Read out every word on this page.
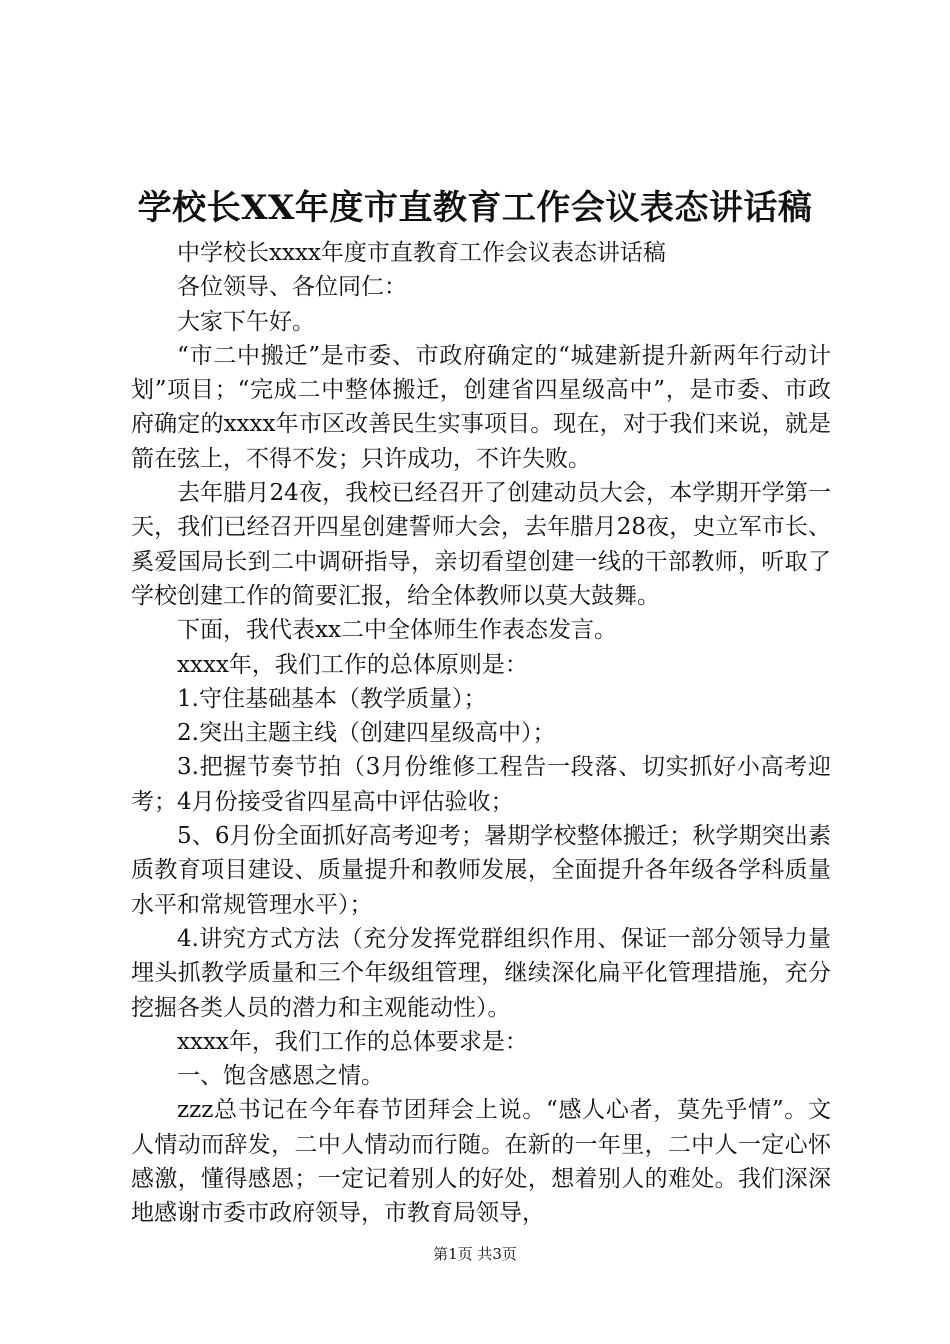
学校长XX年度市直教育工作会议表态讲话稿

中学校长xxxx年度市直教育工作会议表态讲话稿

各位领导、各位同仁：

大家下午好。

“市二中搬迁”是市委、市政府确定的“城建新提升新两年行动计划”项目；“完成二中整体搬迁，创建省四星级高中”，是市委、市政府确定的xxxx年市区改善民生实事项目。现在，对于我们来说，就是箭在弦上，不得不发；只许成功，不许失败。

去年腊月24夜，我校已经召开了创建动员大会，本学期开学第一天，我们已经召开四星创建誓师大会，去年腊月28夜，史立军市长、奚爱国局长到二中调研指导，亲切看望创建一线的干部教师，听取了学校创建工作的简要汇报，给全体教师以莫大鼓舞。

下面，我代表xx二中全体师生作表态发言。

xxxx年，我们工作的总体原则是：

1.守住基础基本（教学质量）；

2.突出主题主线（创建四星级高中）；

3.把握节奏节拍（3月份维修工程告一段落、切实抓好小高考迎考；4月份接受省四星高中评估验收；

5、6月份全面抓好高考迎考；暑期学校整体搬迁；秋学期突出素质教育项目建设、质量提升和教师发展，全面提升各年级各学科质量水平和常规管理水平）；

4.讲究方式方法（充分发挥党群组织作用、保证一部分领导力量埋头抓教学质量和三个年级组管理，继续深化扁平化管理措施，充分挖掘各类人员的潜力和主观能动性）。

xxxx年，我们工作的总体要求是：

一、饱含感恩之情。

zzz总书记在今年春节团拜会上说。“感人心者，莫先乎情”。文人情动而辞发，二中人情动而行随。在新的一年里，二中人一定心怀感激，懂得感恩；一定记着别人的好处，想着别人的难处。我们深深地感谢市委市政府领导，市教育局领导，

第1页 共3页
